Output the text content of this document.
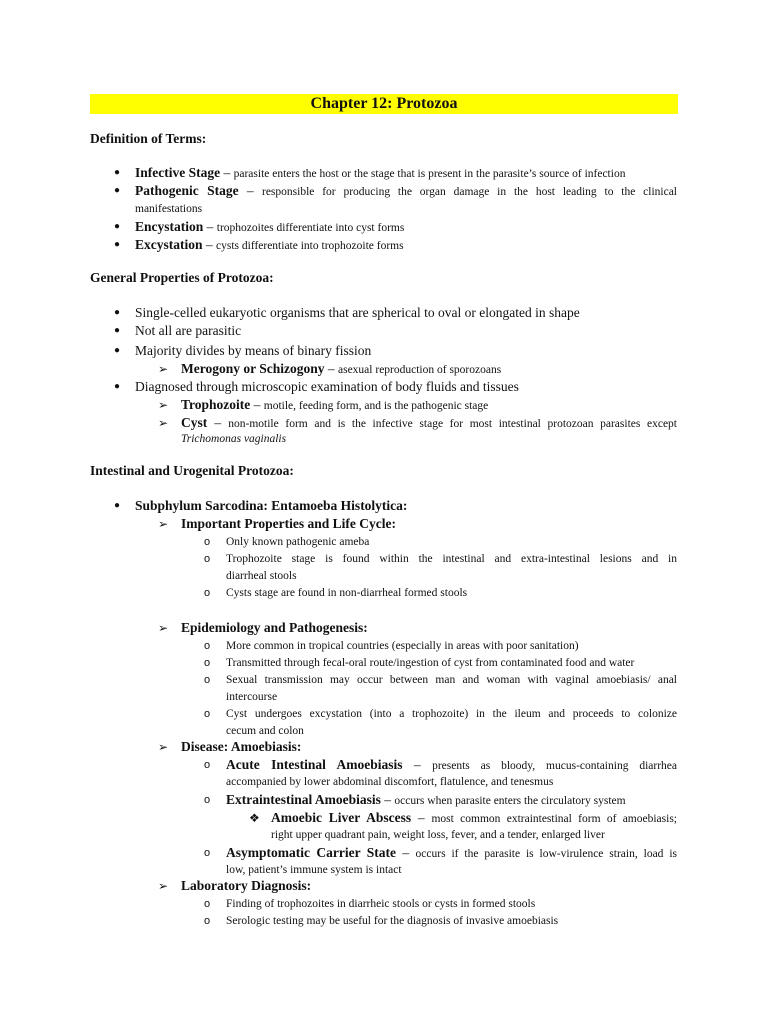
Chapter 12: Protozoa
Definition of Terms:
● Infective Stage – parasite enters the host or the stage that is present in the parasite’s source of infection
● Pathogenic Stage – responsible for producing the organ damage in the host leading to the clinical
manifestations
● Encystation – trophozoites differentiate into cyst forms
● Excystation – cysts differentiate into trophozoite forms
General Properties of Protozoa:
● Single-celled eukaryotic organisms that are spherical to oval or elongated in shape
● Not all are parasitic
● Majority divides by means of binary fission
➢ Merogony or Schizogony – asexual reproduction of sporozoans
● Diagnosed through microscopic examination of body fluids and tissues
➢ Trophozoite – motile, feeding form, and is the pathogenic stage
➢ Cyst – non-motile form and is the infective stage for most intestinal protozoan parasites except
Trichomonas vaginalis
Intestinal and Urogenital Protozoa:
● Subphylum Sarcodina: Entamoeba Histolytica:
➢ Important Properties and Life Cycle:
o Only known pathogenic ameba
o Trophozoite stage is found within the intestinal and extra-intestinal lesions and in
diarrheal stools
o Cysts stage are found in non-diarrheal formed stools
➢ Epidemiology and Pathogenesis:
o More common in tropical countries (especially in areas with poor sanitation)
o Transmitted through fecal-oral route/ingestion of cyst from contaminated food and water
o Sexual transmission may occur between man and woman with vaginal amoebiasis/ anal
intercourse
o Cyst undergoes excystation (into a trophozoite) in the ileum and proceeds to colonize
cecum and colon
➢ Disease: Amoebiasis:
o Acute Intestinal Amoebiasis – presents as bloody, mucus-containing diarrhea
accompanied by lower abdominal discomfort, flatulence, and tenesmus
o Extraintestinal Amoebiasis – occurs when parasite enters the circulatory system
❖ Amoebic Liver Abscess – most common extraintestinal form of amoebiasis;
right upper quadrant pain, weight loss, fever, and a tender, enlarged liver
o Asymptomatic Carrier State – occurs if the parasite is low-virulence strain, load is
low, patient’s immune system is intact
➢ Laboratory Diagnosis:
o Finding of trophozoites in diarrheic stools or cysts in formed stools
o Serologic testing may be useful for the diagnosis of invasive amoebiasis
